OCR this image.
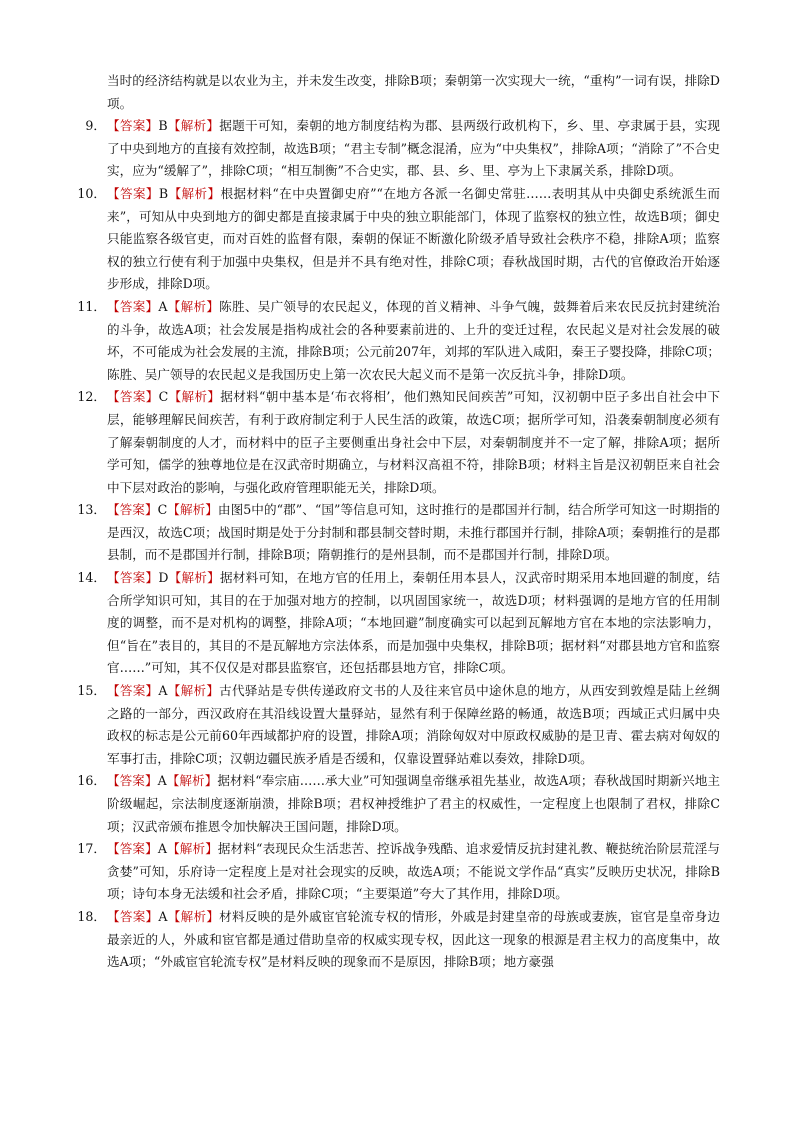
当时的经济结构就是以农业为主，并未发生改变，排除B项；秦朝第一次实现大一统，“重构”一词有误，排除D项。

9． 【答案】B【解析】据题干可知，秦朝的地方制度结构为郡、县两级行政机构下，乡、里、亭隶属于县，实现了中央到地方的直接有效控制，故选B项；“君主专制”概念混淆，应为“中央集权”，排除A项；“消除了”不合史实，应为“缓解了”，排除C项；“相互制衡”不合史实，郡、县、乡、里、亭为上下隶属关系，排除D项。

10． 【答案】B【解析】根据材料“在中央置御史府”“在地方各派一名御史常驻……表明其从中央御史系统派生而来”，可知从中央到地方的御史都是直接隶属于中央的独立职能部门，体现了监察权的独立性，故选B项；御史只能监察各级官吏，而对百姓的监督有限，秦朝的保证不断激化阶级矛盾导致社会秩序不稳，排除A项；监察权的独立行使有利于加强中央集权，但是并不具有绝对性，排除C项；春秋战国时期，古代的官僚政治开始逐步形成，排除D项。

11． 【答案】A【解析】陈胜、吴广领导的农民起义，体现的首义精神、斗争气魄，鼓舞着后来农民反抗封建统治的斗争，故选A项；社会发展是指构成社会的各种要素前进的、上升的变迁过程，农民起义是对社会发展的破坏，不可能成为社会发展的主流，排除B项；公元前207年，刘邦的军队进入咸阳，秦王子婴投降，排除C项；陈胜、吴广领导的农民起义是我国历史上第一次农民大起义而不是第一次反抗斗争，排除D项。

12． 【答案】C【解析】据材料“朝中基本是‘布衣将相’，他们熟知民间疾苦”可知，汉初朝中臣子多出自社会中下层，能够理解民间疾苦，有利于政府制定利于人民生活的政策，故选C项；据所学可知，沿袭秦朝制度必须有了解秦朝制度的人才，而材料中的臣子主要侧重出身社会中下层，对秦朝制度并不一定了解，排除A项；据所学可知，儒学的独尊地位是在汉武帝时期确立，与材料汉高祖不符，排除B项；材料主旨是汉初朝臣来自社会中下层对政治的影响，与强化政府管理职能无关，排除D项。

13． 【答案】C【解析】由图5中的“郡”、“国”等信息可知，这时推行的是郡国并行制，结合所学可知这一时期指的是西汉，故选C项；战国时期是处于分封制和郡县制交替时期，未推行郡国并行制，排除A项；秦朝推行的是郡县制，而不是郡国并行制，排除B项；隋朝推行的是州县制，而不是郡国并行制，排除D项。

14． 【答案】D【解析】据材料可知，在地方官的任用上，秦朝任用本县人，汉武帝时期采用本地回避的制度，结合所学知识可知，其目的在于加强对地方的控制，以巩固国家统一，故选D项；材料强调的是地方官的任用制度的调整，而不是对机构的调整，排除A项；“本地回避”制度确实可以起到瓦解地方官在本地的宗法影响力，但“旨在”表目的，其目的不是瓦解地方宗法体系，而是加强中央集权，排除B项；据材料“对郡县地方官和监察官……”可知，其不仅仅是对郡县监察官，还包括郡县地方官，排除C项。

15． 【答案】A【解析】古代驿站是专供传递政府文书的人及往来官员中途休息的地方，从西安到敦煌是陆上丝绸之路的一部分，西汉政府在其沿线设置大量驿站，显然有利于保障丝路的畅通，故选B项；西域正式归属中央政权的标志是公元前60年西域都护府的设置，排除A项；消除匈奴对中原政权威胁的是卫青、霍去病对匈奴的军事打击，排除C项；汉朝边疆民族矛盾是否缓和，仅靠设置驿站难以奏效，排除D项。

16． 【答案】A【解析】据材料“奉宗庙……承大业”可知强调皇帝继承祖先基业，故选A项；春秋战国时期新兴地主阶级崛起，宗法制度逐渐崩溃，排除B项；君权神授维护了君主的权威性，一定程度上也限制了君权，排除C项；汉武帝颁布推恩令加快解决王国问题，排除D项。

17． 【答案】A【解析】据材料“表现民众生活悲苦、控诉战争残酷、追求爱情反抗封建礼教、鞭挞统治阶层荒淫与贪婪”可知，乐府诗一定程度上是对社会现实的反映，故选A项；不能说文学作品“真实”反映历史状况，排除B项；诗句本身无法缓和社会矛盾，排除C项；“主要渠道”夸大了其作用，排除D项。

18． 【答案】A【解析】材料反映的是外戚宦官轮流专权的情形，外戚是封建皇帝的母族或妻族，宦官是皇帝身边最亲近的人，外戚和宦官都是通过借助皇帝的权威实现专权，因此这一现象的根源是君主权力的高度集中，故选A项；“外戚宦官轮流专权”是材料反映的现象而不是原因，排除B项；地方豪强
